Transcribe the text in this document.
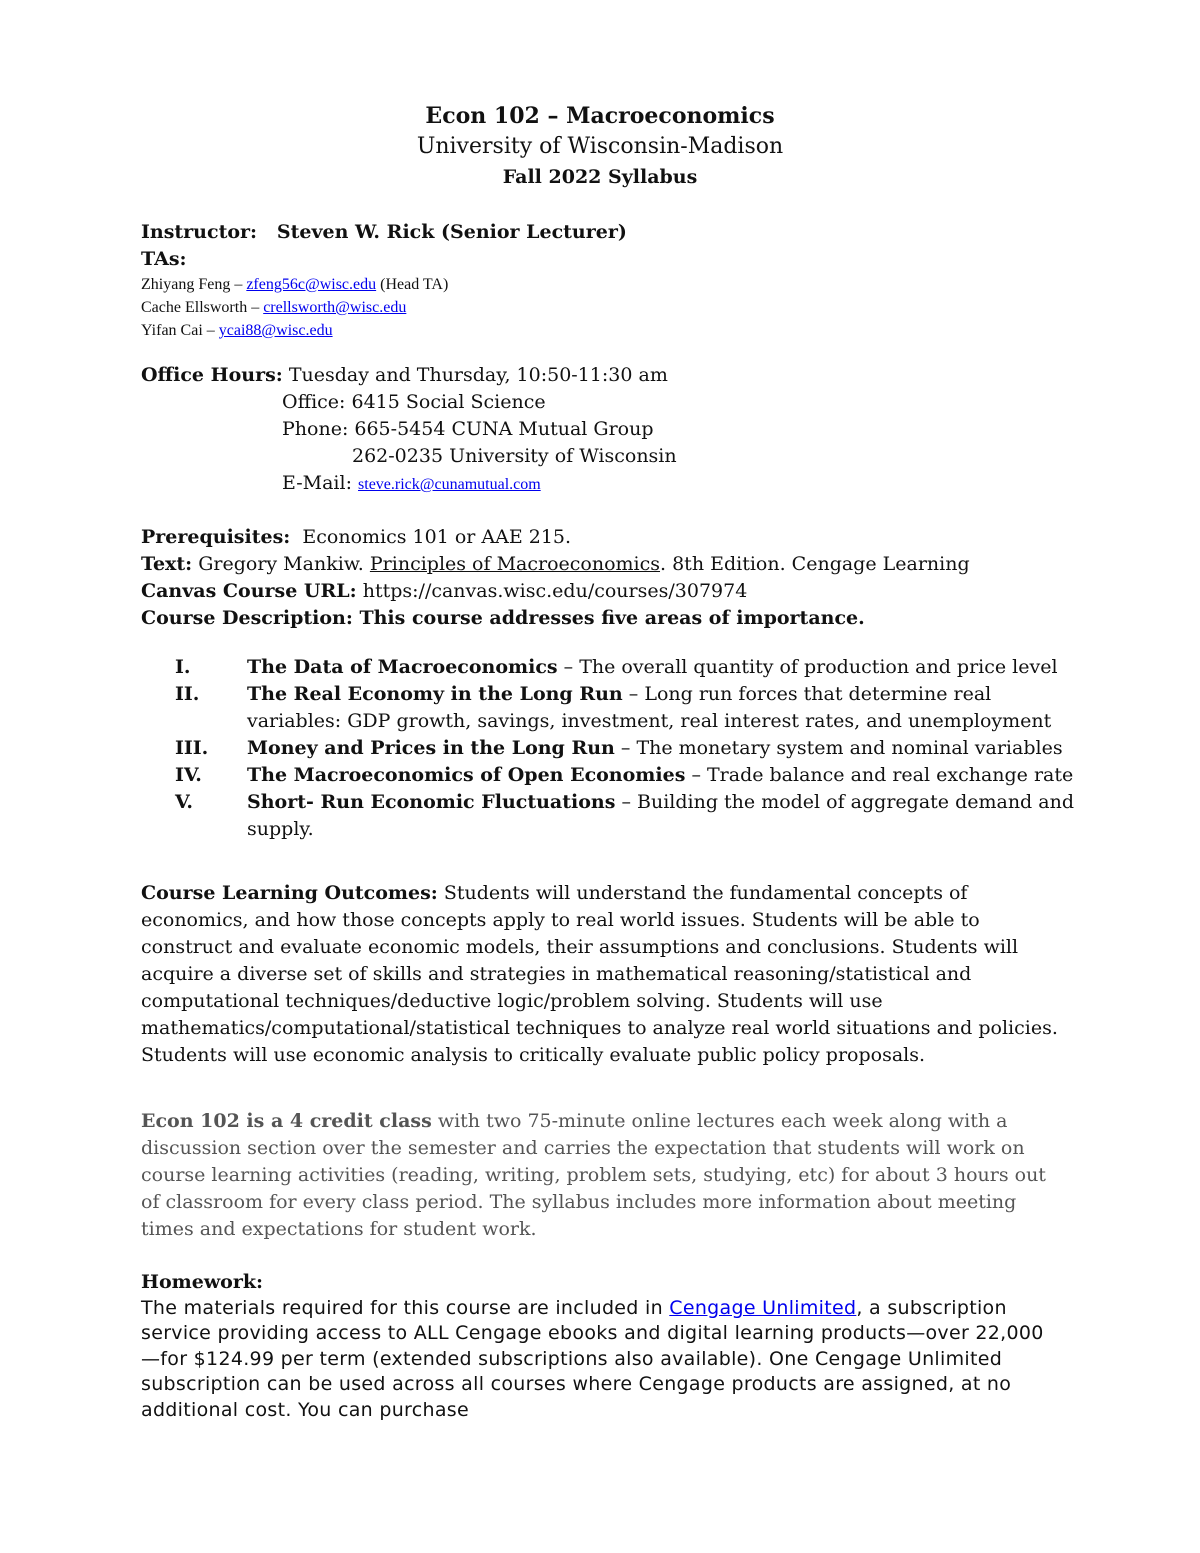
Econ 102 – Macroeconomics
University of Wisconsin-Madison
Fall 2022 Syllabus
Instructor: Steven W. Rick (Senior Lecturer)
TAs:
Zhiyang Feng – zfeng56c@wisc.edu (Head TA)
Cache Ellsworth – crellsworth@wisc.edu
Yifan Cai – ycai88@wisc.edu
Office Hours: Tuesday and Thursday, 10:50-11:30 am
Office: 6415 Social Science
Phone: 665-5454 CUNA Mutual Group
262-0235 University of Wisconsin
E-Mail: steve.rick@cunamutual.com
Prerequisites: Economics 101 or AAE 215.
Text: Gregory Mankiw. Principles of Macroeconomics. 8th Edition. Cengage Learning
Canvas Course URL: https://canvas.wisc.edu/courses/307974
Course Description: This course addresses five areas of importance.
I.	The Data of Macroeconomics – The overall quantity of production and price level
II.	The Real Economy in the Long Run – Long run forces that determine real variables: GDP growth, savings, investment, real interest rates, and unemployment
III.	Money and Prices in the Long Run – The monetary system and nominal variables
IV.	The Macroeconomics of Open Economies – Trade balance and real exchange rate
V.	Short- Run Economic Fluctuations – Building the model of aggregate demand and supply.
Course Learning Outcomes: Students will understand the fundamental concepts of economics, and how those concepts apply to real world issues. Students will be able to construct and evaluate economic models, their assumptions and conclusions. Students will acquire a diverse set of skills and strategies in mathematical reasoning/statistical and computational techniques/deductive logic/problem solving. Students will use mathematics/computational/statistical techniques to analyze real world situations and policies. Students will use economic analysis to critically evaluate public policy proposals.
Econ 102 is a 4 credit class with two 75-minute online lectures each week along with a discussion section over the semester and carries the expectation that students will work on course learning activities (reading, writing, problem sets, studying, etc) for about 3 hours out of classroom for every class period. The syllabus includes more information about meeting times and expectations for student work.
Homework:
The materials required for this course are included in Cengage Unlimited, a subscription service providing access to ALL Cengage ebooks and digital learning products—over 22,000—for $124.99 per term (extended subscriptions also available). One Cengage Unlimited subscription can be used across all courses where Cengage products are assigned, at no additional cost. You can purchase
